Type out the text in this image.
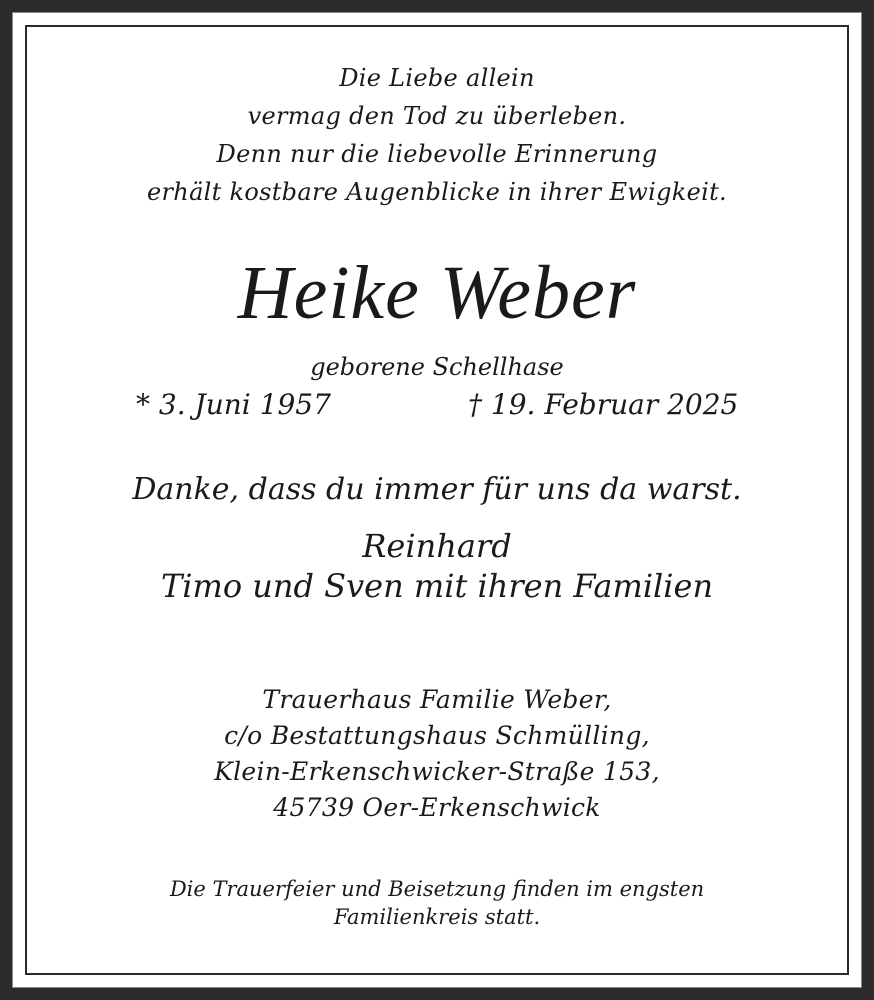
Die Liebe allein
vermag den Tod zu überleben.
Denn nur die liebevolle Erinnerung
erhält kostbare Augenblicke in ihrer Ewigkeit.
Heike Weber
geborene Schellhase
* 3. Juni 1957	† 19. Februar 2025
Danke, dass du immer für uns da warst.
Reinhard
Timo und Sven mit ihren Familien
Trauerhaus Familie Weber,
c/o Bestattungshaus Schmülling,
Klein-Erkenschwicker-Straße 153,
45739 Oer-Erkenschwick
Die Trauerfeier und Beisetzung finden im engsten
Familienkreis statt.
